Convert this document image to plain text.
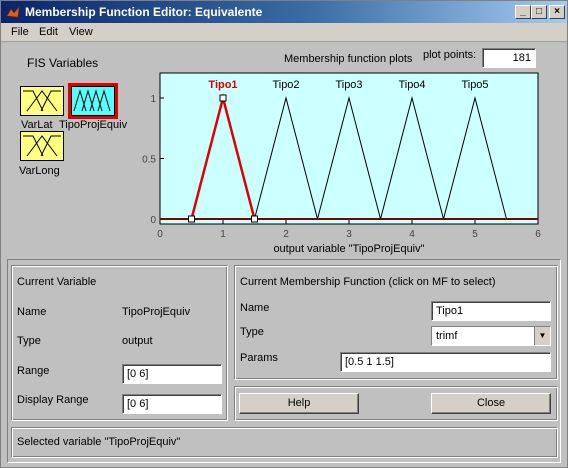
Membership Function Editor: Equivalente	_	□	×
File Edit View
FIS Variables
VarLat TipoProjEquiv
VarLong
Membership function plots plot points:	181
0	1	2	3	4	5	6
0
0.5
1
Tipo2	Tipo3	Tipo4	Tipo5
Tipo1
output variable "TipoProjEquiv"
Current Variable
Name	TipoProjEquiv
Type	output
Range	[0 6]
Display Range	[0 6]
Current Membership Function (click on MF to select)
Name	Tipo1
Type	trimf	▼
Params	[0.5 1 1.5]
Help	Close
Selected variable "TipoProjEquiv"
